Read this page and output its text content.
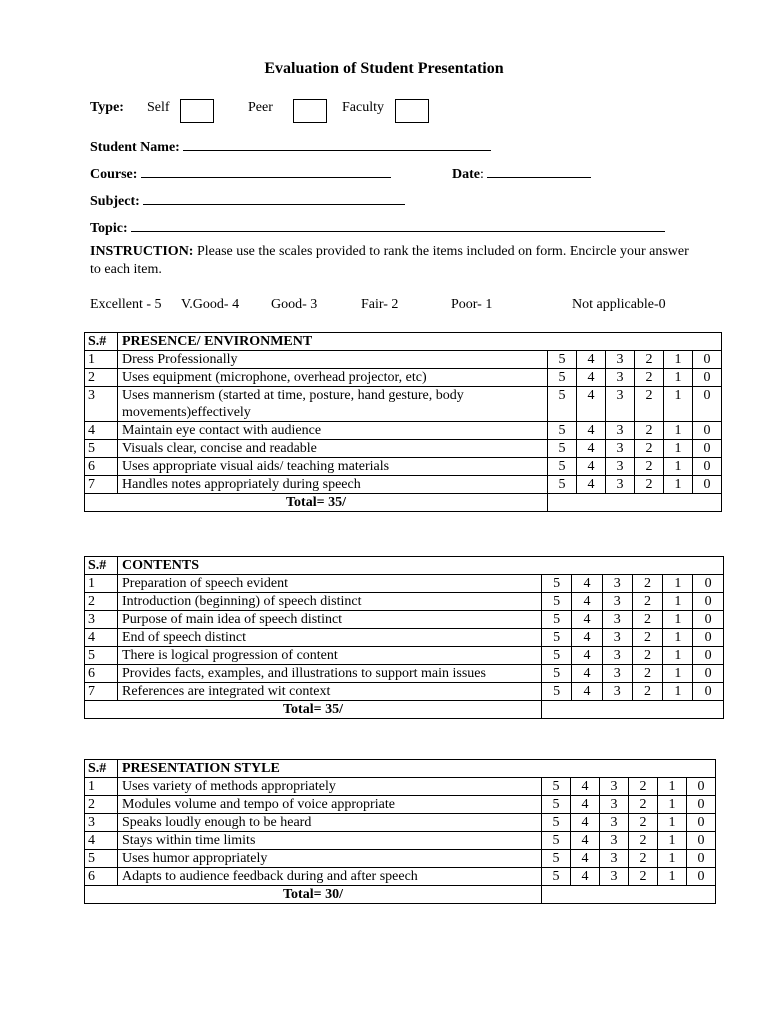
Evaluation of Student Presentation
Type: Self	Peer	Faculty
Student Name:
Course:	Date:
Subject:
Topic:
INSTRUCTION: Please use the scales provided to rank the items included on form. Encircle your answer to each item.
Excellent - 5 V.Good- 4 Good- 3	Fair- 2	Poor- 1	Not applicable-0
S.#	PRESENCE/ ENVIRONMENT						
1	Dress Professionally	5	4	3	2	1	0
2	Uses equipment (microphone, overhead projector, etc)	5	4	3	2	1	0
3	Uses mannerism (started at time, posture, hand gesture, body movements)effectively	5	4	3	2	1	0
4	Maintain eye contact with audience	5	4	3	2	1	0
5	Visuals clear, concise and readable	5	4	3	2	1	0
6	Uses appropriate visual aids/ teaching materials	5	4	3	2	1	0
7	Handles notes appropriately during speech	5	4	3	2	1	0
Total= 35/							
S.#	CONTENTS						
1	Preparation of speech evident	5	4	3	2	1	0
2	Introduction (beginning) of speech distinct	5	4	3	2	1	0
3	Purpose of main idea of speech distinct	5	4	3	2	1	0
4	End of speech distinct	5	4	3	2	1	0
5	There is logical progression of content	5	4	3	2	1	0
6	Provides facts, examples, and illustrations to support main issues	5	4	3	2	1	0
7	References are integrated wit context	5	4	3	2	1	0
Total= 35/							
S.#	PRESENTATION STYLE						
1	Uses variety of methods appropriately	5	4	3	2	1	0
2	Modules volume and tempo of voice appropriate	5	4	3	2	1	0
3	Speaks loudly enough to be heard	5	4	3	2	1	0
4	Stays within time limits	5	4	3	2	1	0
5	Uses humor appropriately	5	4	3	2	1	0
6	Adapts to audience feedback during and after speech	5	4	3	2	1	0
Total= 30/							
